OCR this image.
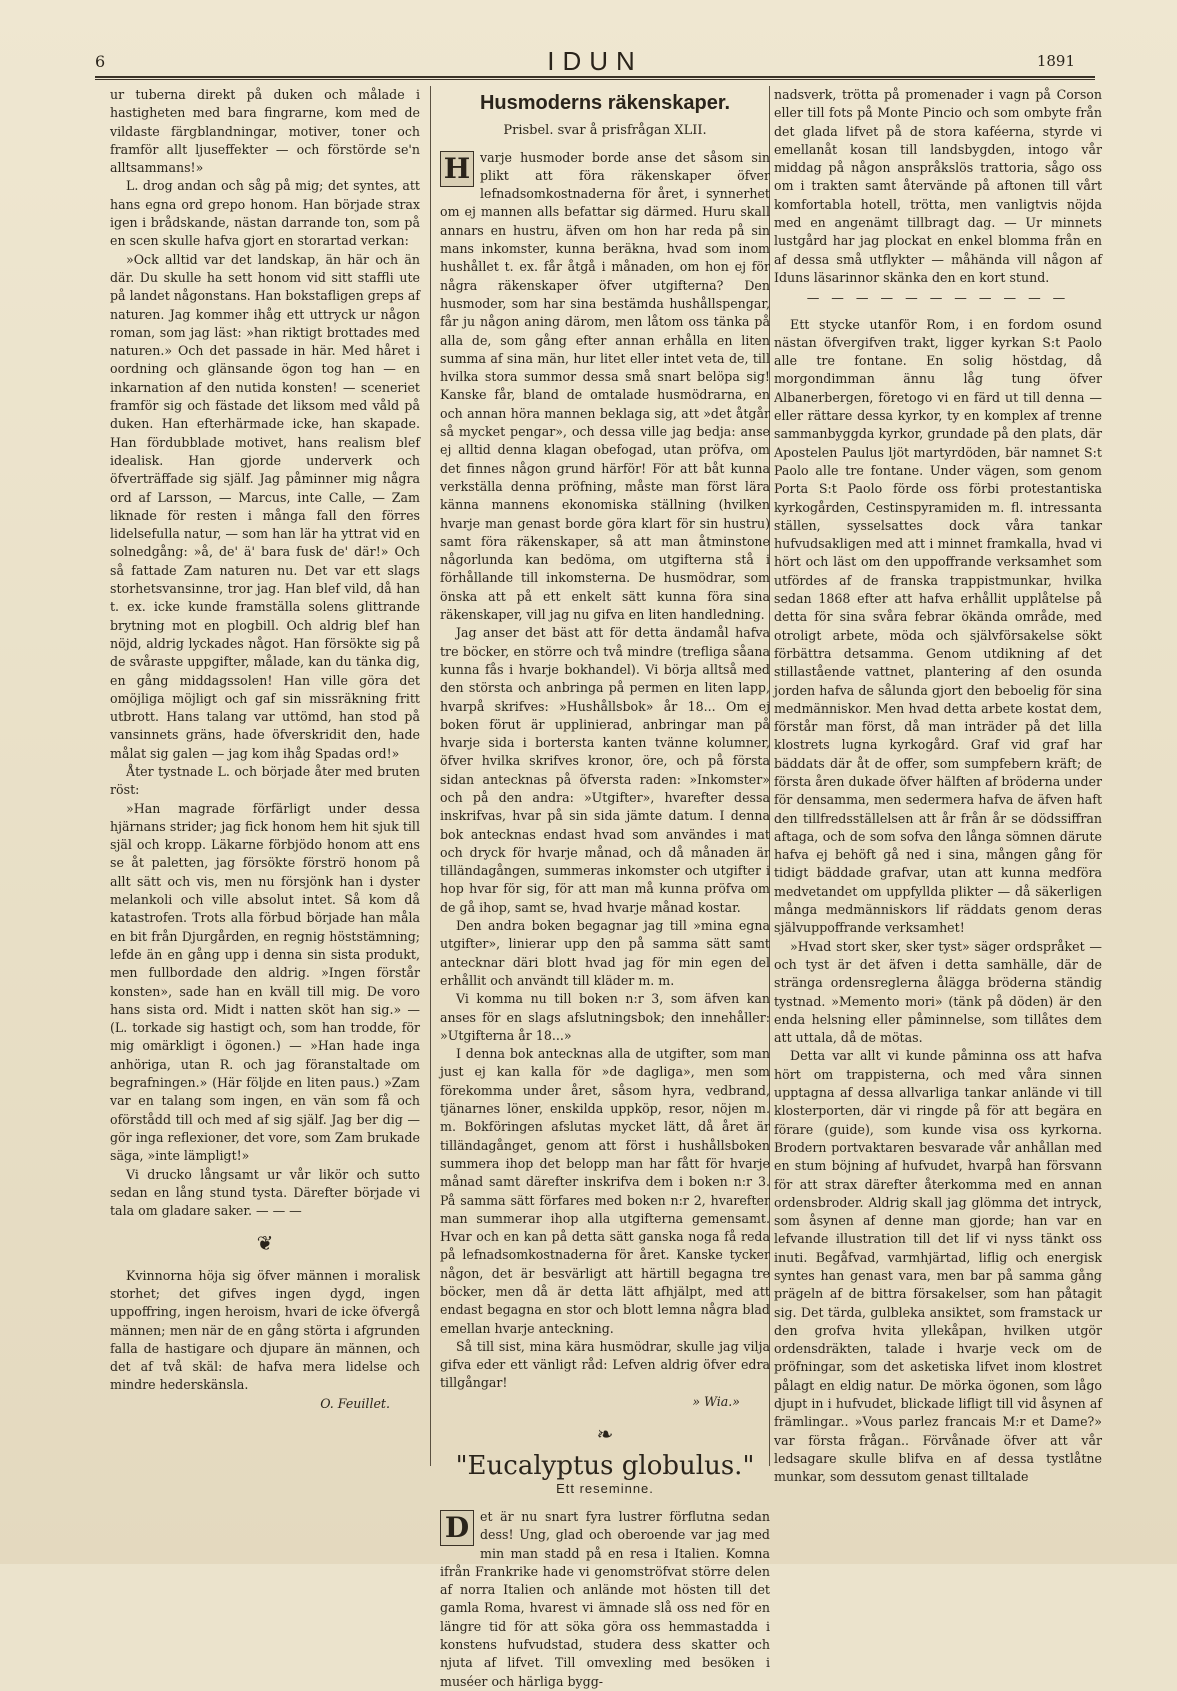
6	IDUN	1891

ur tuberna direkt på duken och målade i hastigheten med bara fingrarne, kom med de vildaste färgblandningar, motiver, toner och framför allt ljuseffekter — och förstörde se'n alltsammans!»

L. drog andan och såg på mig; det syntes, att hans egna ord grepo honom. Han började strax igen i brådskande, nästan darrande ton, som på en scen skulle hafva gjort en storartad verkan:

»Ock alltid var det landskap, än här och än där. Du skulle ha sett honom vid sitt staffli ute på landet någonstans. Han bokstafligen greps af naturen. Jag kommer ihåg ett uttryck ur någon roman, som jag läst: »han riktigt brottades med naturen.» Och det passade in här. Med håret i oordning och glänsande ögon tog han — en inkarnation af den nutida konsten! — sceneriet framför sig och fästade det liksom med våld på duken. Han efterhärmade icke, han skapade. Han fördubblade motivet, hans realism blef idealisk. Han gjorde underverk och öfverträffade sig själf. Jag påminner mig några ord af Larsson, — Marcus, inte Calle, — Zam liknade för resten i många fall den förres lidelsefulla natur, — som han lär ha yttrat vid en solnedgång: »å, de' ä' bara fusk de' där!» Och så fattade Zam naturen nu. Det var ett slags storhetsvansinne, tror jag. Han blef vild, då han t. ex. icke kunde framställa solens glittrande brytning mot en plogbill. Och aldrig blef han nöjd, aldrig lyckades något. Han försökte sig på de svåraste uppgifter, målade, kan du tänka dig, en gång middagssolen! Han ville göra det omöjliga möjligt och gaf sin missräkning fritt utbrott. Hans talang var uttömd, han stod på vansinnets gräns, hade öfverskridit den, hade målat sig galen — jag kom ihåg Spadas ord!»

Åter tystnade L. och började åter med bruten röst:

»Han magrade förfärligt under dessa hjärnans strider; jag fick honom hem hit sjuk till själ och kropp. Läkarne förbjödo honom att ens se åt paletten, jag försökte förströ honom på allt sätt och vis, men nu försjönk han i dyster melankoli och ville absolut intet. Så kom då katastrofen. Trots alla förbud började han måla en bit från Djurgården, en regnig höststämning; lefde än en gång upp i denna sin sista produkt, men fullbordade den aldrig. »Ingen förstår konsten», sade han en kväll till mig. De voro hans sista ord. Midt i natten sköt han sig.» — (L. torkade sig hastigt och, som han trodde, för mig omärkligt i ögonen.) — »Han hade inga anhöriga, utan R. och jag föranstaltade om begrafningen.» (Här följde en liten paus.) »Zam var en talang som ingen, en vän som få och oförstådd till och med af sig själf. Jag ber dig — gör inga reflexioner, det vore, som Zam brukade säga, »inte lämpligt!»

Vi drucko långsamt ur vår likör och sutto sedan en lång stund tysta. Därefter började vi tala om gladare saker. — — —

❦

Kvinnorna höja sig öfver männen i moralisk storhet; det gifves ingen dygd, ingen uppoffring, ingen heroism, hvari de icke öfvergå männen; men när de en gång störta i afgrunden falla de hastigare och djupare än männen, och det af två skäl: de hafva mera lidelse och mindre hederskänsla.

O. Feuillet.

Husmoderns räkenskaper.
Prisbel. svar å prisfrågan XLII.
H varje husmoder borde anse det såsom sin plikt att föra räkenskaper öfver lefnadsomkostnaderna för året, i synnerhet om ej mannen alls befattar sig därmed. Huru skall annars en hustru, äfven om hon har reda på sin mans inkomster, kunna beräkna, hvad som inom hushållet t. ex. får åtgå i månaden, om hon ej för några räkenskaper öfver utgifterna? Den husmoder, som har sina bestämda hushållspengar, får ju någon aning därom, men låtom oss tänka på alla de, som gång efter annan erhålla en liten summa af sina män, hur litet eller intet veta de, till hvilka stora summor dessa små snart belöpa sig! Kanske får, bland de omtalade husmödrarna, en och annan höra mannen beklaga sig, att »det åtgår så mycket pengar», och dessa ville jag bedja: anse ej alltid denna klagan obefogad, utan pröfva, om det finnes någon grund härför! För att båt kunna verkställa denna pröfning, måste man först lära känna mannens ekonomiska ställning (hvilken hvarje man genast borde göra klart för sin hustru) samt föra räkenskaper, så att man åtminstone någorlunda kan bedöma, om utgifterna stå i förhållande till inkomsterna. De husmödrar, som önska att på ett enkelt sätt kunna föra sina räkenskaper, vill jag nu gifva en liten handledning.

Jag anser det bäst att för detta ändamål hafva tre böcker, en större och två mindre (trefliga såana kunna fås i hvarje bokhandel). Vi börja alltså med den största och anbringa på permen en liten lapp, hvarpå skrifves: »Hushållsbok» år 18... Om ej boken förut är upplinierad, anbringar man på hvarje sida i bortersta kanten tvänne kolumner, öfver hvilka skrifves kronor, öre, och på första sidan antecknas på öfversta raden: »Inkomster» och på den andra: »Utgifter», hvarefter dessa inskrifvas, hvar på sin sida jämte datum. I denna bok antecknas endast hvad som användes i mat och dryck för hvarje månad, och då månaden är tilländagången, summeras inkomster och utgifter i hop hvar för sig, för att man må kunna pröfva om de gå ihop, samt se, hvad hvarje månad kostar.

Den andra boken begagnar jag till »mina egna utgifter», linierar upp den på samma sätt samt antecknar däri blott hvad jag för min egen del erhållit och användt till kläder m. m.

Vi komma nu till boken n:r 3, som äfven kan anses för en slags afslutningsbok; den innehåller: »Utgifterna år 18...»

I denna bok antecknas alla de utgifter, som man just ej kan kalla för »de dagliga», men som förekomma under året, såsom hyra, vedbrand, tjänarnes löner, enskilda uppköp, resor, nöjen m. m. Bokföringen afslutas mycket lätt, då året är tilländagånget, genom att först i hushållsboken summera ihop det belopp man har fått för hvarje månad samt därefter inskrifva dem i boken n:r 3. På samma sätt förfares med boken n:r 2, hvarefter man summerar ihop alla utgifterna gemensamt. Hvar och en kan på detta sätt ganska noga få reda på lefnadsomkostnaderna för året. Kanske tycker någon, det är besvärligt att härtill begagna tre böcker, men då är detta lätt afhjälpt, med att endast begagna en stor och blott lemna några blad emellan hvarje anteckning.

Så till sist, mina kära husmödrar, skulle jag vilja gifva eder ett vänligt råd: Lefven aldrig öfver edra tillgångar!

» Wia.»

❧
"Eucalyptus globulus."
Ett reseminne.
D et är nu snart fyra lustrer förflutna sedan dess! Ung, glad och oberoende var jag med min man stadd på en resa i Italien. Komna ifrån Frankrike hade vi genomströfvat större delen af norra Italien och anlände mot hösten till det gamla Roma, hvarest vi ämnade slå oss ned för en längre tid för att söka göra oss hemmastadda i konstens hufvudstad, studera dess skatter och njuta af lifvet. Till omvexling med besöken i muséer och härliga bygg-

nadsverk, trötta på promenader i vagn på Corson eller till fots på Monte Pincio och som ombyte från det glada lifvet på de stora kaféerna, styrde vi emellanåt kosan till landsbygden, intogo vår middag på någon anspråkslös trattoria, sågo oss om i trakten samt återvände på aftonen till vårt komfortabla hotell, trötta, men vanligtvis nöjda med en angenämt tillbragt dag. — Ur minnets lustgård har jag plockat en enkel blomma från en af dessa små utflykter — måhända vill någon af Iduns läsarinnor skänka den en kort stund.

— — — — — — — — — — —

Ett stycke utanför Rom, i en fordom osund nästan öfvergifven trakt, ligger kyrkan S:t Paolo alle tre fontane. En solig höstdag, då morgondimman ännu låg tung öfver Albanerbergen, företogo vi en färd ut till denna — eller rättare dessa kyrkor, ty en komplex af trenne sammanbyggda kyrkor, grundade på den plats, där Apostelen Paulus ljöt martyrdöden, bär namnet S:t Paolo alle tre fontane. Under vägen, som genom Porta S:t Paolo förde oss förbi protestantiska kyrkogården, Cestinspyramiden m. fl. intressanta ställen, sysselsattes dock våra tankar hufvudsakligen med att i minnet framkalla, hvad vi hört och läst om den uppoffrande verksamhet som utfördes af de franska trappistmunkar, hvilka sedan 1868 efter att hafva erhållit upplåtelse på detta för sina svåra febrar ökända område, med otroligt arbete, möda och självförsakelse sökt förbättra detsamma. Genom utdikning af det stillastående vattnet, plantering af den osunda jorden hafva de sålunda gjort den beboelig för sina medmänniskor. Men hvad detta arbete kostat dem, förstår man först, då man inträder på det lilla klostrets lugna kyrkogård. Graf vid graf har bäddats där åt de offer, som sumpfebern kräft; de första åren dukade öfver hälften af bröderna under för densamma, men sedermera hafva de äfven haft den tillfredsställelsen att år från år se dödssiffran aftaga, och de som sofva den långa sömnen därute hafva ej behöft gå ned i sina, mången gång för tidigt bäddade grafvar, utan att kunna medföra medvetandet om uppfyllda plikter — då säkerligen många medmänniskors lif räddats genom deras självuppoffrande verksamhet!

»Hvad stort sker, sker tyst» säger ordspråket — och tyst är det äfven i detta samhälle, där de stränga ordensreglerna ålägga bröderna ständig tystnad. »Memento mori» (tänk på döden) är den enda helsning eller påminnelse, som tillåtes dem att uttala, då de mötas.

Detta var allt vi kunde påminna oss att hafva hört om trappisterna, och med våra sinnen upptagna af dessa allvarliga tankar anlände vi till klosterporten, där vi ringde på för att begära en förare (guide), som kunde visa oss kyrkorna. Brodern portvaktaren besvarade vår anhållan med en stum böjning af hufvudet, hvarpå han försvann för att strax därefter återkomma med en annan ordensbroder. Aldrig skall jag glömma det intryck, som åsynen af denne man gjorde; han var en lefvande illustration till det lif vi nyss tänkt oss inuti. Begåfvad, varmhjärtad, liflig och energisk syntes han genast vara, men bar på samma gång prägeln af de bittra försakelser, som han påtagit sig. Det tärda, gulbleka ansiktet, som framstack ur den grofva hvita yllekåpan, hvilken utgör ordensdräkten, talade i hvarje veck om de pröfningar, som det asketiska lifvet inom klostret pålagt en eldig natur. De mörka ögonen, som lågo djupt in i hufvudet, blickade lifligt till vid åsynen af främlingar.. »Vous parlez francais M:r et Dame?» var första frågan.. Förvånade öfver att vår ledsagare skulle blifva en af dessa tystlåtne munkar, som dessutom genast tilltalade
